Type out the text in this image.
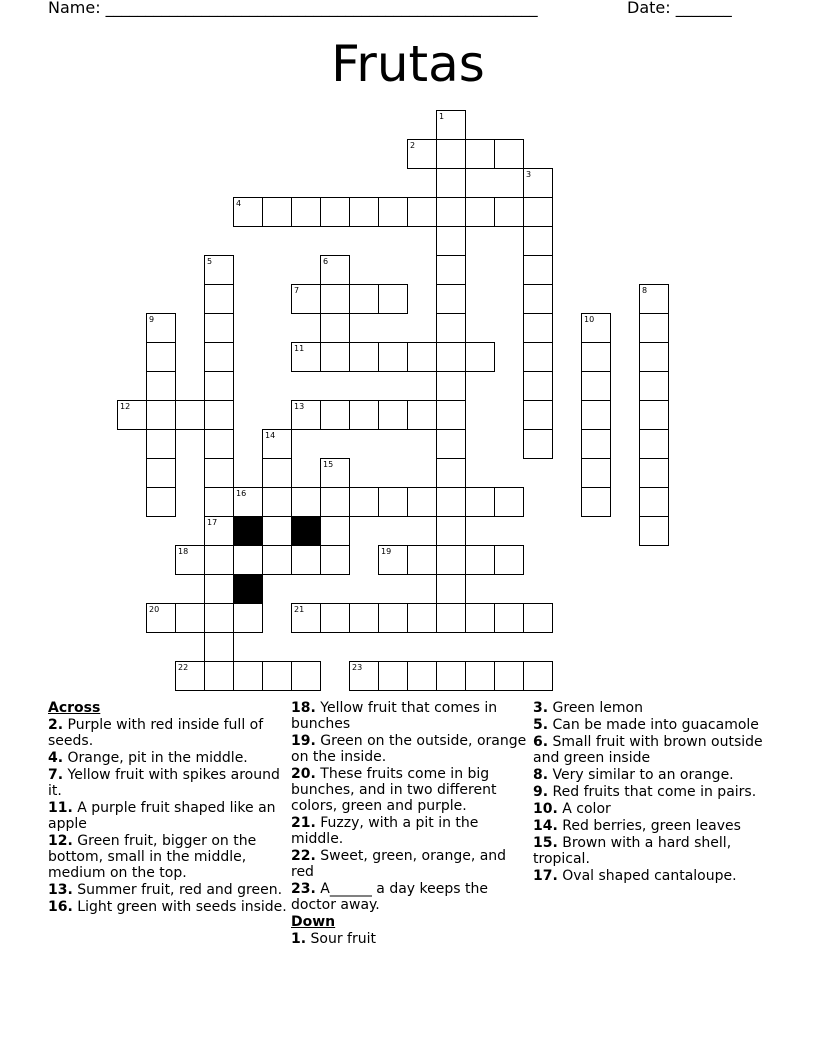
Name: ______________________________________________________	Date: _______
Frutas
1
2
3
4
5	6
7	8
9	10
11
12	13
14
15
16
17
18	19
20	21
22	23
Across
2. Purple with red inside full of seeds.
4. Orange, pit in the middle.
7. Yellow fruit with spikes around it.
11. A purple fruit shaped like an apple
12. Green fruit, bigger on the bottom, small in the middle, medium on the top.
13. Summer fruit, red and green.
16. Light green with seeds inside.
18. Yellow fruit that comes in bunches
19. Green on the outside, orange on the inside.
20. These fruits come in big bunches, and in two different colors, green and purple.
21. Fuzzy, with a pit in the middle.
22. Sweet, green, orange, and red
23. A______ a day keeps the doctor away.
Down
1. Sour fruit
3. Green lemon
5. Can be made into guacamole
6. Small fruit with brown outside and green inside
8. Very similar to an orange.
9. Red fruits that come in pairs.
10. A color
14. Red berries, green leaves
15. Brown with a hard shell, tropical.
17. Oval shaped cantaloupe.
